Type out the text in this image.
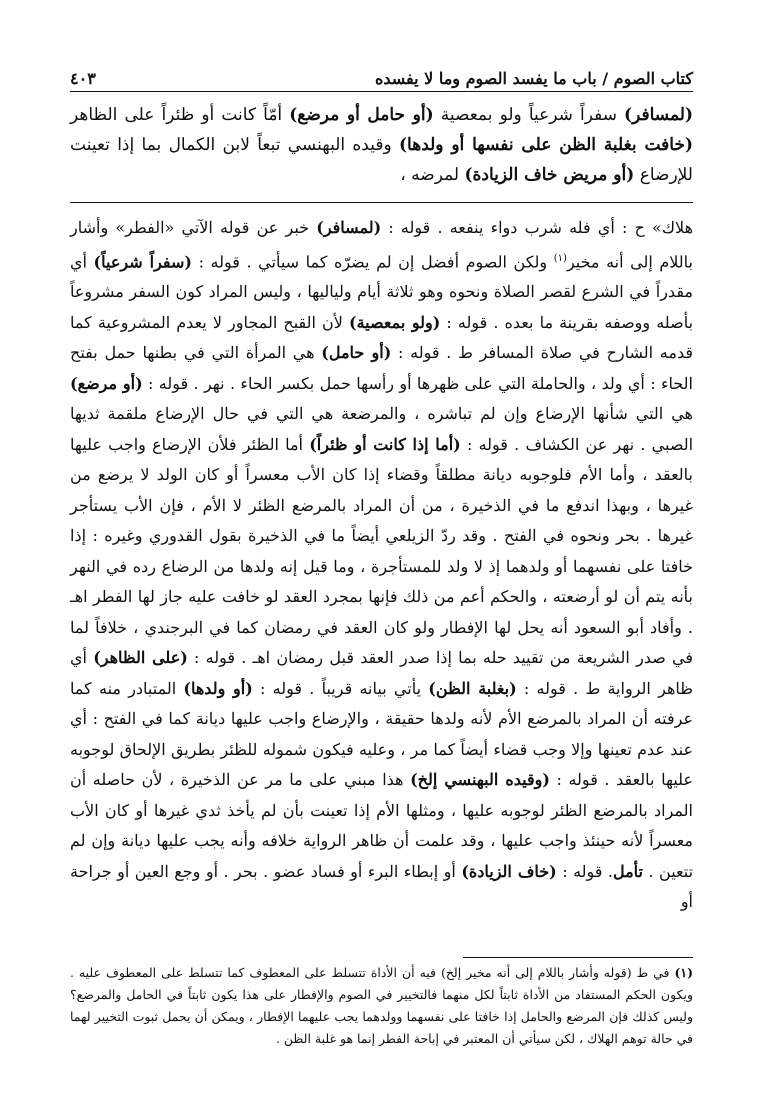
كتاب الصوم / باب ما يفسد الصوم وما لا يفسده
٤٠٣

(لمسافر) سفراً شرعياً ولو بمعصية (أو حامل أو مرضع) أمّاً كانت أو ظئراً على الظاهر (خافت بغلبة الظن على نفسها أو ولدها) وقيده البهنسي تبعاً لابن الكمال بما إذا تعينت للإرضاع (أو مريض خاف الزيادة) لمرضه ،

هلاك» ح : أي فله شرب دواء ينفعه . قوله : (لمسافر) خبر عن قوله الآتي «الفطر» وأشار باللام إلى أنه مخير$^{(١)}$ ولكن الصوم أفضل إن لم يضرّه كما سيأتي . قوله : (سفراً شرعياً) أي مقدراً في الشرع لقصر الصلاة ونحوه وهو ثلاثة أيام ولياليها ، وليس المراد كون السفر مشروعاً بأصله ووصفه بقرينة ما بعده . قوله : (ولو بمعصية) لأن القبح المجاور لا يعدم المشروعية كما قدمه الشارح في صلاة المسافر ط . قوله : (أو حامل) هي المرأة التي في بطنها حمل بفتح الحاء : أي ولد ، والحاملة التي على ظهرها أو رأسها حمل بكسر الحاء . نهر . قوله : (أو مرضع) هي التي شأنها الإرضاع وإن لم تباشره ، والمرضعة هي التي في حال الإرضاع ملقمة ثديها الصبي . نهر عن الكشاف . قوله : (أما إذا كانت أو ظئراً) أما الظئر فلأن الإرضاع واجب عليها بالعقد ، وأما الأم فلوجوبه ديانة مطلقاً وقضاء إذا كان الأب معسراً أو كان الولد لا يرضع من غيرها ، وبهذا اندفع ما في الذخيرة ، من أن المراد بالمرضع الظئر لا الأم ، فإن الأب يستأجر غيرها . بحر ونحوه في الفتح . وقد ردّ الزيلعي أيضاً ما في الذخيرة بقول القدوري وغيره : إذا خافتا على نفسهما أو ولدهما إذ لا ولد للمستأجرة ، وما قيل إنه ولدها من الرضاع رده في النهر بأنه يتم أن لو أرضعته ، والحكم أعم من ذلك فإنها بمجرد العقد لو خافت عليه جاز لها الفطر اهـ . وأفاد أبو السعود أنه يحل لها الإفطار ولو كان العقد في رمضان كما في البرجندي ، خلافاً لما في صدر الشريعة من تقييد حله بما إذا صدر العقد قبل رمضان اهـ . قوله : (على الظاهر) أي ظاهر الرواية ط . قوله : (بغلبة الظن) يأتي بيانه قريباً . قوله : (أو ولدها) المتبادر منه كما عرفته أن المراد بالمرضع الأم لأنه ولدها حقيقة ، والإرضاع واجب عليها ديانة كما في الفتح : أي عند عدم تعينها وإلا وجب قضاء أيضاً كما مر ، وعليه فيكون شموله للظئر بطريق الإلحاق لوجوبه عليها بالعقد . قوله : (وقيده البهنسي إلخ) هذا مبني على ما مر عن الذخيرة ، لأن حاصله أن المراد بالمرضع الظئر لوجوبه عليها ، ومثلها الأم إذا تعينت بأن لم يأخذ ثدي غيرها أو كان الأب معسراً لأنه حينئذ واجب عليها ، وقد علمت أن ظاهر الرواية خلافه وأنه يجب عليها ديانة وإن لم تتعين . تأمل. قوله : (خاف الزيادة) أو إبطاء البرء أو فساد عضو . بحر . أو وجع العين أو جراحة أو

(١) في ط (قوله وأشار باللام إلى أنه مخير إلخ) فيه أن الأداة تتسلط على المعطوف كما تتسلط على المعطوف عليه . ويكون الحكم المستفاد من الأداة ثابتاً لكل منهما فالتخيير في الصوم والإفطار على هذا يكون ثابتاً في الحامل والمرضع؟ وليس كذلك فإن المرضع والحامل إذا خافتا على نفسهما وولدهما يجب عليهما الإفطار ، ويمكن أن يحمل ثبوت التخيير لهما في حالة توهم الهلاك ، لكن سيأتي أن المعتبر في إباحة الفطر إنما هو غلبة الظن .
